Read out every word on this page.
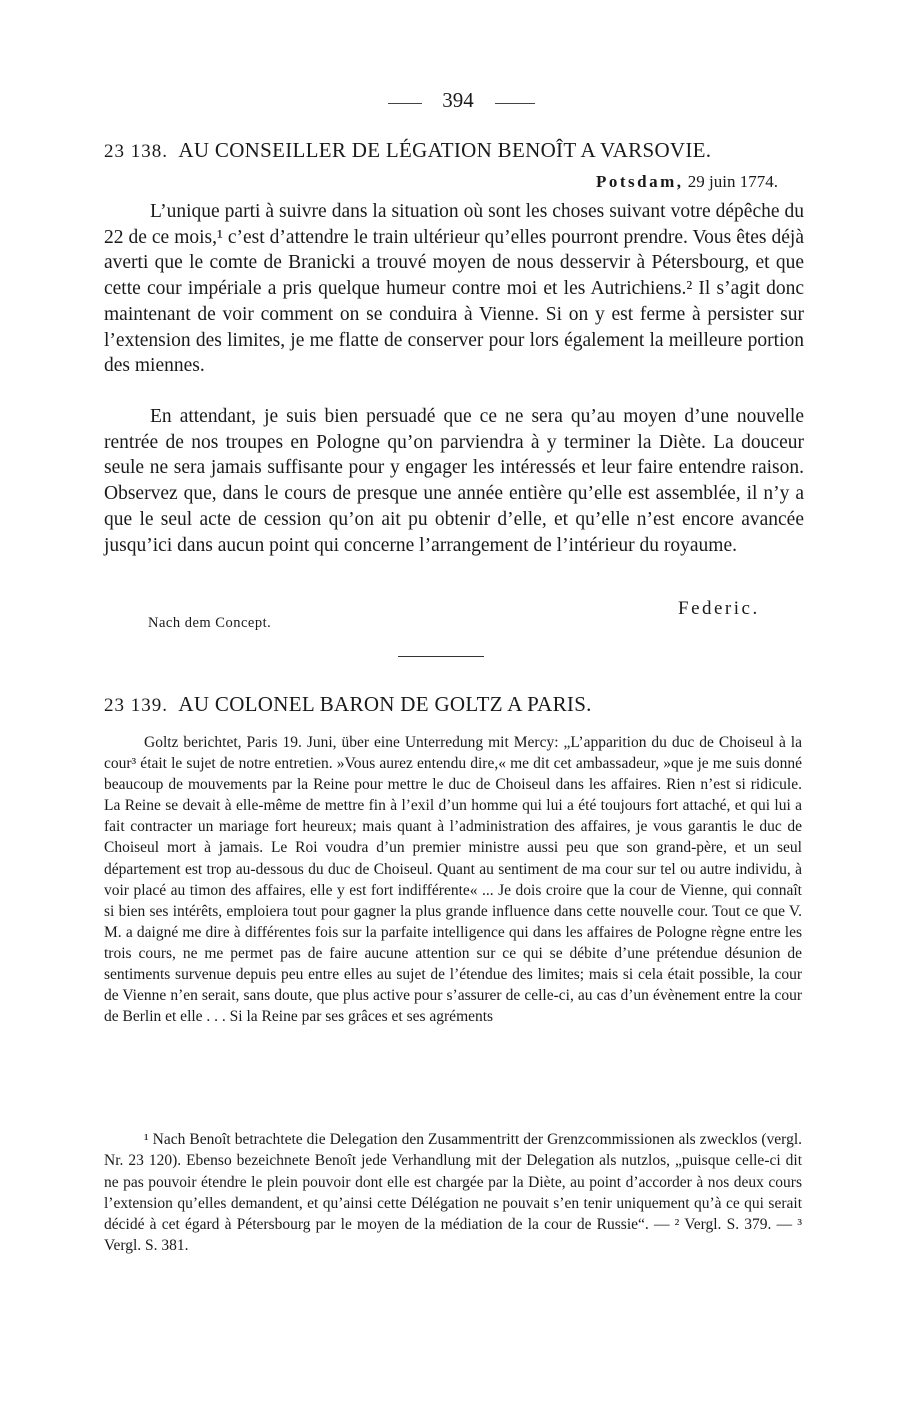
394
23 138. AU CONSEILLER DE LÉGATION BENOÎT A VARSOVIE.
Potsdam, 29 juin 1774.

L’unique parti à suivre dans la situation où sont les choses suivant votre dépêche du 22 de ce mois,¹ c’est d’attendre le train ultérieur qu’elles pourront prendre. Vous êtes déjà averti que le comte de Branicki a trouvé moyen de nous desservir à Pétersbourg, et que cette cour impériale a pris quelque humeur contre moi et les Autrichiens.² Il s’agit donc maintenant de voir comment on se conduira à Vienne. Si on y est ferme à persister sur l’extension des limites, je me flatte de conserver pour lors également la meilleure portion des miennes.

En attendant, je suis bien persuadé que ce ne sera qu’au moyen d’une nouvelle rentrée de nos troupes en Pologne qu’on parviendra à y terminer la Diète. La douceur seule ne sera jamais suffisante pour y engager les intéressés et leur faire entendre raison. Observez que, dans le cours de presque une année entière qu’elle est assemblée, il n’y a que le seul acte de cession qu’on ait pu obtenir d’elle, et qu’elle n’est encore avancée jusqu’ici dans aucun point qui concerne l’arrangement de l’intérieur du royaume.

Federic.
Nach dem Concept.
23 139. AU COLONEL BARON DE GOLTZ A PARIS.

Goltz berichtet, Paris 19. Juni, über eine Unterredung mit Mercy: „L’apparition du duc de Choiseul à la cour³ était le sujet de notre entretien. »Vous aurez entendu dire,« me dit cet ambassadeur, »que je me suis donné beaucoup de mouvements par la Reine pour mettre le duc de Choiseul dans les affaires. Rien n’est si ridicule. La Reine se devait à elle-même de mettre fin à l’exil d’un homme qui lui a été toujours fort attaché, et qui lui a fait contracter un mariage fort heureux; mais quant à l’administration des affaires, je vous garantis le duc de Choiseul mort à jamais. Le Roi voudra d’un premier ministre aussi peu que son grand-père, et un seul département est trop au-dessous du duc de Choiseul. Quant au sentiment de ma cour sur tel ou autre individu, à voir placé au timon des affaires, elle y est fort indifférente« ... Je dois croire que la cour de Vienne, qui connaît si bien ses intérêts, emploiera tout pour gagner la plus grande influence dans cette nouvelle cour. Tout ce que V. M. a daigné me dire à différentes fois sur la parfaite intelligence qui dans les affaires de Pologne règne entre les trois cours, ne me permet pas de faire aucune attention sur ce qui se débite d’une prétendue désunion de sentiments survenue depuis peu entre elles au sujet de l’étendue des limites; mais si cela était possible, la cour de Vienne n’en serait, sans doute, que plus active pour s’assurer de celle-ci, au cas d’un évènement entre la cour de Berlin et elle . . . Si la Reine par ses grâces et ses agréments

¹ Nach Benoît betrachtete die Delegation den Zusammentritt der Grenzcommissionen als zwecklos (vergl. Nr. 23 120). Ebenso bezeichnete Benoît jede Verhandlung mit der Delegation als nutzlos, „puisque celle-ci dit ne pas pouvoir étendre le plein pouvoir dont elle est chargée par la Diète, au point d’accorder à nos deux cours l’extension qu’elles demandent, et qu’ainsi cette Délégation ne pouvait s’en tenir uniquement qu’à ce qui serait décidé à cet égard à Pétersbourg par le moyen de la médiation de la cour de Russie“. — ² Vergl. S. 379. — ³ Vergl. S. 381.
